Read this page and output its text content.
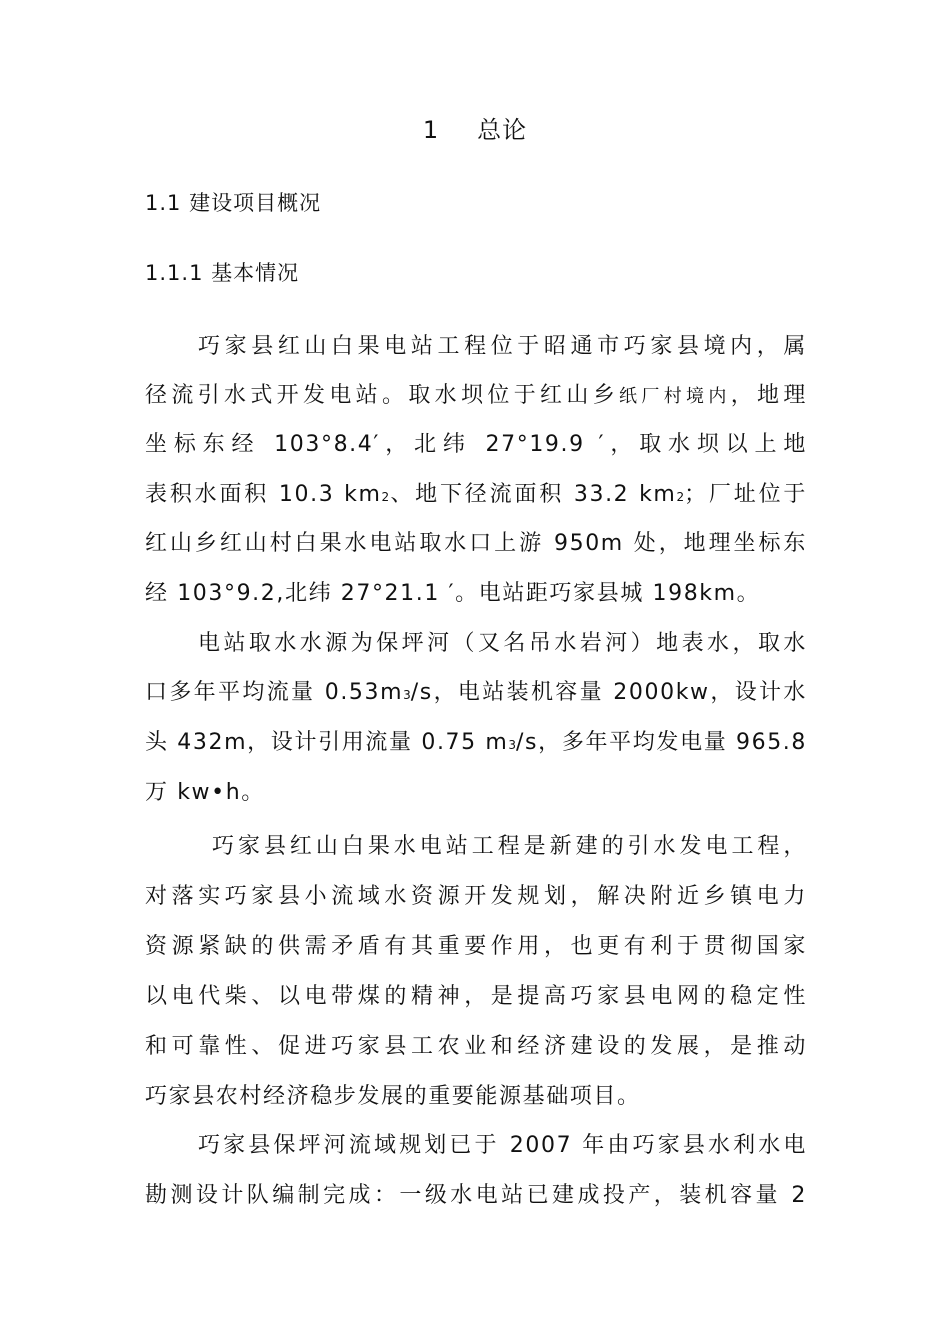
1 总论
1.1 建设项目概况
1.1.1 基本情况
巧家县红山白果电站工程位于昭通市巧家县境内，属
径流引水式开发电站。取水坝位于红山乡纸厂村境内，地理
坐标东经 103°8.4′，北纬 27°19.9 ′，取水坝以上地
表积水面积 10.3 km2、地下径流面积 33.2 km2；厂址位于
红山乡红山村白果水电站取水口上游 950m 处，地理坐标东
经 103°9.2,北纬 27°21.1 ′。电站距巧家县城 198km。
电站取水水源为保坪河（又名吊水岩河）地表水，取水
口多年平均流量 0.53m3/s，电站装机容量 2000kw，设计水
头 432m，设计引用流量 0.75 m3/s，多年平均发电量 965.8
万 kw•h。
巧家县红山白果水电站工程是新建的引水发电工程，
对落实巧家县小流域水资源开发规划，解决附近乡镇电力
资源紧缺的供需矛盾有其重要作用，也更有利于贯彻国家
以电代柴、以电带煤的精神，是提高巧家县电网的稳定性
和可靠性、促进巧家县工农业和经济建设的发展，是推动
巧家县农村经济稳步发展的重要能源基础项目。
巧家县保坪河流域规划已于 2007 年由巧家县水利水电
勘测设计队编制完成：一级水电站已建成投产，装机容量 2
